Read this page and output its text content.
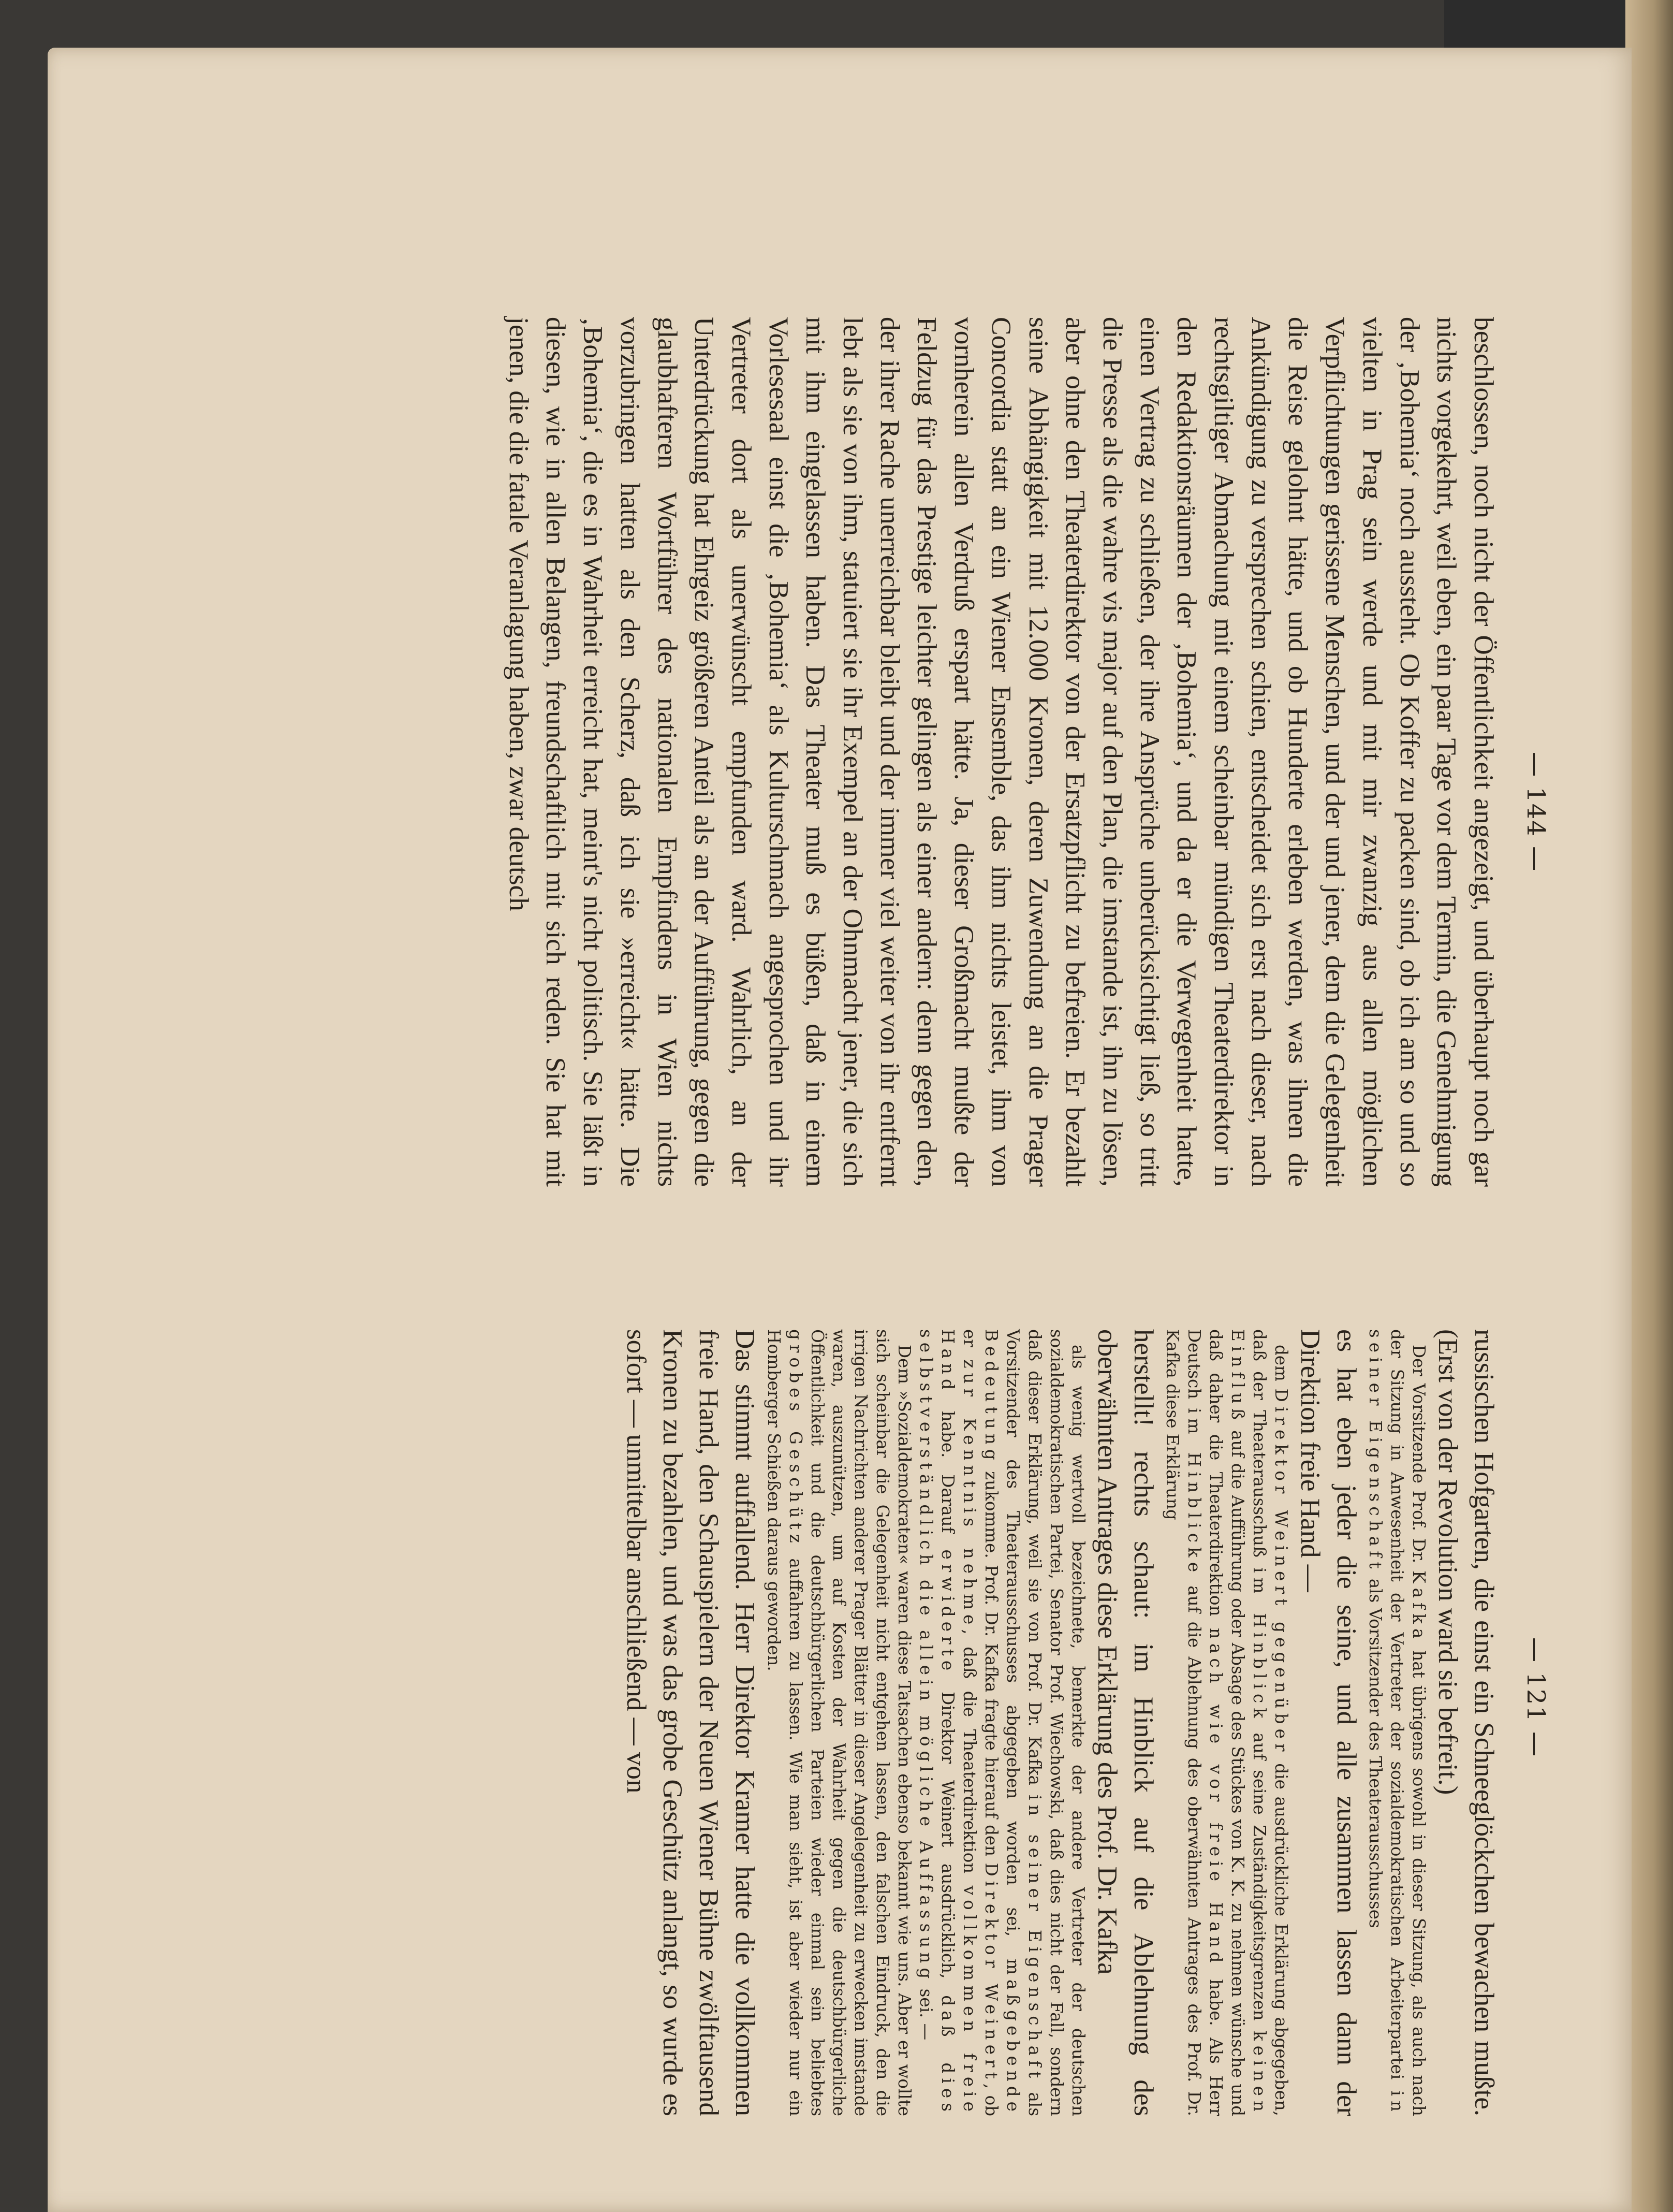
— 144 —
— 121 —
beschlossen, noch nicht der Öffentlichkeit angezeigt, und überhaupt noch gar nichts vorgekehrt, weil eben, ein paar Tage vor dem Termin, die Genehmigung der ‚Bohemia‘ noch aussteht. Ob Koffer zu packen sind, ob ich am so und so vielten in Prag sein werde und mit mir zwanzig aus allen möglichen Verpflichtungen gerissene Menschen, und der und jener, dem die Gelegenheit die Reise gelohnt hätte, und ob Hunderte erleben werden, was ihnen die Ankündigung zu versprechen schien, entscheidet sich erst nach dieser, nach rechtsgiltiger Abmachung mit einem scheinbar mündigen Theaterdirektor in den Redaktionsräumen der ‚Bohemia‘, und da er die Verwegenheit hatte, einen Vertrag zu schließen, der ihre Ansprüche unberücksichtigt ließ, so tritt die Presse als die wahre vis major auf den Plan, die imstande ist, ihn zu lösen, aber ohne den Theaterdirektor von der Ersatzpflicht zu befreien. Er bezahlt seine Abhängigkeit mit 12.000 Kronen, deren Zuwendung an die Prager Concordia statt an ein Wiener Ensemble, das ihm nichts leistet, ihm von vornherein allen Verdruß erspart hätte. Ja, dieser Großmacht mußte der Feldzug für das Prestige leichter gelingen als einer andern: denn gegen den, der ihrer Rache unerreichbar bleibt und der immer viel weiter von ihr entfernt lebt als sie von ihm, statuiert sie ihr Exempel an der Ohnmacht jener, die sich mit ihm eingelassen haben. Das Theater muß es büßen, daß in einem Vorlesesaal einst die ‚Bohemia‘ als Kulturschmach angesprochen und ihr Vertreter dort als unerwünscht empfunden ward. Wahrlich, an der Unterdrückung hat Ehrgeiz größeren Anteil als an der Aufführung, gegen die glaubhafteren Wortführer des nationalen Empfindens in Wien nichts vorzubringen hatten als den Scherz, daß ich sie »erreicht« hätte. Die ‚Bohemia‘, die es in Wahrheit erreicht hat, meint's nicht politisch. Sie läßt in diesen, wie in allen Belangen, freundschaftlich mit sich reden. Sie hat mit jenen, die die fatale Veranlagung haben, zwar deutsch

russischen Hofgarten, die einst ein Schneeglöckchen bewachen mußte. (Erst von der Revolution ward sie befreit.)

Der Vorsitzende Prof. Dr. Kafka hat übrigens sowohl in dieser Sitzung, als auch nach der Sitzung in Anwesenheit der Vertreter der sozialdemokratischen Arbeiterpartei in seiner Eigenschaft als Vorsitzender des Theaterausschusses

es hat eben jeder die seine, und alle zusammen lassen dann der Direktion freie Hand —

dem Direktor Weinert gegenüber die ausdrückliche Erklärung abgegeben, daß der Theaterausschuß im Hinblick auf seine Zuständigkeitsgrenzen keinen Einfluß auf die Aufführung oder Absage des Stückes von K. K. zu nehmen wünsche und daß daher die Theaterdirektion nach wie vor freie Hand habe. Als Herr Deutsch im Hinblicke auf die Ablehnung des oberwähnten Antrages des Prof. Dr. Kafka diese Erklärung

herstellt! rechts schaut: im Hinblick auf die Ablehnung des oberwähnten Antrages diese Erklärung des Prof. Dr. Kafka

als wenig wertvoll bezeichnete, bemerkte der andere Vertreter der deutschen sozialdemokratischen Partei, Senator Prof. Wiechowski, daß dies nicht der Fall, sondern daß dieser Erklärung, weil sie von Prof. Dr. Kafka in seiner Eigenschaft als Vorsitzender des Theaterausschusses abgegeben worden sei, maßgebende Bedeutung zukomme. Prof. Dr. Kafka fragte hierauf den Direktor Weinert, ob er zur Kenntnis nehme, daß die Theaterdirektion vollkommen freie Hand habe. Darauf erwiderte Direktor Weinert ausdrücklich, daß dies selbstverständlich die allein mögliche Auffassung sei. —

Dem »Sozialdemokraten« waren diese Tatsachen ebenso bekannt wie uns. Aber er wollte sich scheinbar die Gelegenheit nicht entgehen lassen, den falschen Eindruck, den die irrigen Nachrichten anderer Prager Blätter in dieser Angelegenheit zu erwecken imstande waren, auszunützen, um auf Kosten der Wahrheit gegen die deutschbürgerliche Öffentlichkeit und die deutschbürgerlichen Parteien wieder einmal sein beliebtes grobes Geschütz auffahren zu lassen. Wie man sieht, ist aber wieder nur ein Homberger Schießen daraus geworden.

Das stimmt auffallend. Herr Direktor Kramer hatte die vollkommen freie Hand, den Schauspielern der Neuen Wiener Bühne zwölftausend Kronen zu bezahlen, und was das grobe Geschütz anlangt, so wurde es sofort — unmittelbar anschließend — von
